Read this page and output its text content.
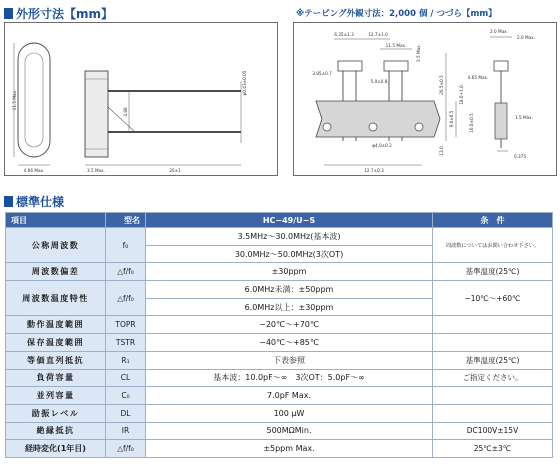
外形寸法【mm】
11.5 Max.
4.66 Max.	3.5 Max.	20±1
4.88
φ0.43±0.05
※テーピング外観寸法：2,000 個 / つづら【mm】
6.35±1.3	12.7±1.0
11.5 Max. 3.5 Max.
2.0 Max.
2.0 Max.
3.85±0.7
5.0±0.8
4.65 Max.
20.5±0.5
9.0±0.5
18.0+1.0
16.0±0.5
13.0
1.5 Max.
φ4.0±0.2
0.375
12.7±0.3
標準仕様
項目	型名	HC−49/U−S	条　件
公称周波数	f₀	3.5MHz〜30.0MHz(基本波)	周波数についてはお問い合わせ下さい。
		30.0MHz〜50.0MHz(3次OT)	
周波数偏差	△f/f₀	±30ppm	基準温度(25℃)
周波数温度特性	△f/f₀	6.0MHz未満：±50ppm	−10℃〜+60℃
		6.0MHz以上：±30ppm	
動作温度範囲	TOPR	−20℃〜+70℃	
保存温度範囲	TSTR	−40℃〜+85℃	
等価直列抵抗	R₁	下表参照	基準温度(25℃)
負荷容量	CL	基本波：10.0pF〜∞　3次OT：5.0pF〜∞	ご指定ください。
並列容量	C₀	7.0pF Max.	
励振レベル	DL	100 μW	
絶縁抵抗	IR	500MΩMin.	DC100V±15V
経時変化(1年目)	△f/f₀	±5ppm Max.	25℃±3℃
